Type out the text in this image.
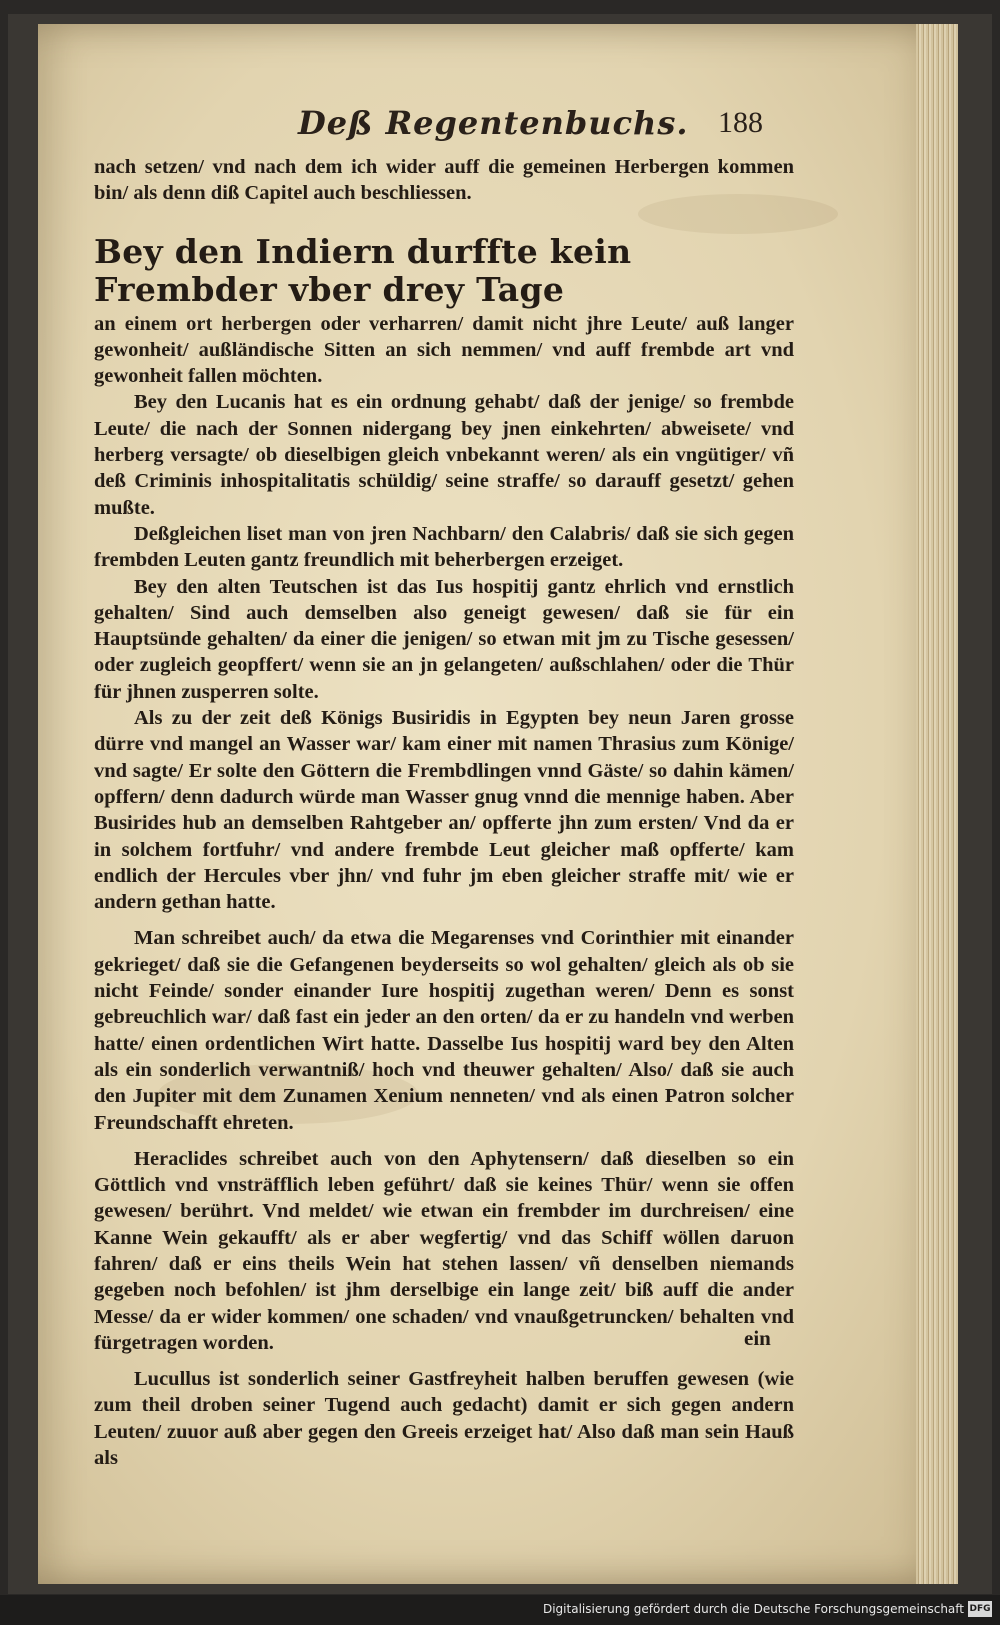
Deß Regentenbuchs. 188

nach setzen/ vnd nach dem ich wider auff die gemeinen Herbergen kommen bin/ als denn diß Capitel auch beschliessen.

Bey den Indiern durffte kein Frembder vber drey Tage

an einem ort herbergen oder verharren/ damit nicht jhre Leute/ auß langer gewonheit/ außländische Sitten an sich nemmen/ vnd auff frembde art vnd gewonheit fallen möchten.

Bey den Lucanis hat es ein ordnung gehabt/ daß der jenige/ so frembde Leute/ die nach der Sonnen nidergang bey jnen einkehrten/ abweisete/ vnd herberg versagte/ ob dieselbigen gleich vnbekannt weren/ als ein vngütiger/ vñ deß Criminis inhospitalitatis schüldig/ seine straffe/ so darauff gesetzt/ gehen mußte.

Deßgleichen liset man von jren Nachbarn/ den Calabris/ daß sie sich gegen frembden Leuten gantz freundlich mit beherbergen erzeiget.

Bey den alten Teutschen ist das Ius hospitij gantz ehrlich vnd ernstlich gehalten/ Sind auch demselben also geneigt gewesen/ daß sie für ein Hauptsünde gehalten/ da einer die jenigen/ so etwan mit jm zu Tische gesessen/ oder zugleich geopffert/ wenn sie an jn gelangeten/ außschlahen/ oder die Thür für jhnen zusperren solte.

Als zu der zeit deß Königs Busiridis in Egypten bey neun Jaren grosse dürre vnd mangel an Wasser war/ kam einer mit namen Thrasius zum Könige/ vnd sagte/ Er solte den Göttern die Frembdlingen vnnd Gäste/ so dahin kämen/ opffern/ denn dadurch würde man Wasser gnug vnnd die mennige haben. Aber Busirides hub an demselben Rahtgeber an/ opfferte jhn zum ersten/ Vnd da er in solchem fortfuhr/ vnd andere frembde Leut gleicher maß opfferte/ kam endlich der Hercules vber jhn/ vnd fuhr jm eben gleicher straffe mit/ wie er andern gethan hatte.

Man schreibet auch/ da etwa die Megarenses vnd Corinthier mit einander gekrieget/ daß sie die Gefangenen beyderseits so wol gehalten/ gleich als ob sie nicht Feinde/ sonder einander Iure hospitij zugethan weren/ Denn es sonst gebreuchlich war/ daß fast ein jeder an den orten/ da er zu handeln vnd werben hatte/ einen ordentlichen Wirt hatte. Dasselbe Ius hospitij ward bey den Alten als ein sonderlich verwantniß/ hoch vnd theuwer gehalten/ Also/ daß sie auch den Jupiter mit dem Zunamen Xenium nenneten/ vnd als einen Patron solcher Freundschafft ehreten.

Heraclides schreibet auch von den Aphytensern/ daß dieselben so ein Göttlich vnd vnsträfflich leben geführt/ daß sie keines Thür/ wenn sie offen gewesen/ berührt. Vnd meldet/ wie etwan ein frembder im durchreisen/ eine Kanne Wein gekaufft/ als er aber wegfertig/ vnd das Schiff wöllen daruon fahren/ daß er eins theils Wein hat stehen lassen/ vñ denselben niemands gegeben noch befohlen/ ist jhm derselbige ein lange zeit/ biß auff die ander Messe/ da er wider kommen/ one schaden/ vnd vnaußgetruncken/ behalten vnd fürgetragen worden.

Lucullus ist sonderlich seiner Gastfreyheit halben beruffen gewesen (wie zum theil droben seiner Tugend auch gedacht) damit er sich gegen andern Leuten/ zuuor auß aber gegen den Greeis erzeiget hat/ Also daß man sein Hauß als

ein
Digitalisierung gefördert durch die Deutsche Forschungsgemeinschaft DFG
